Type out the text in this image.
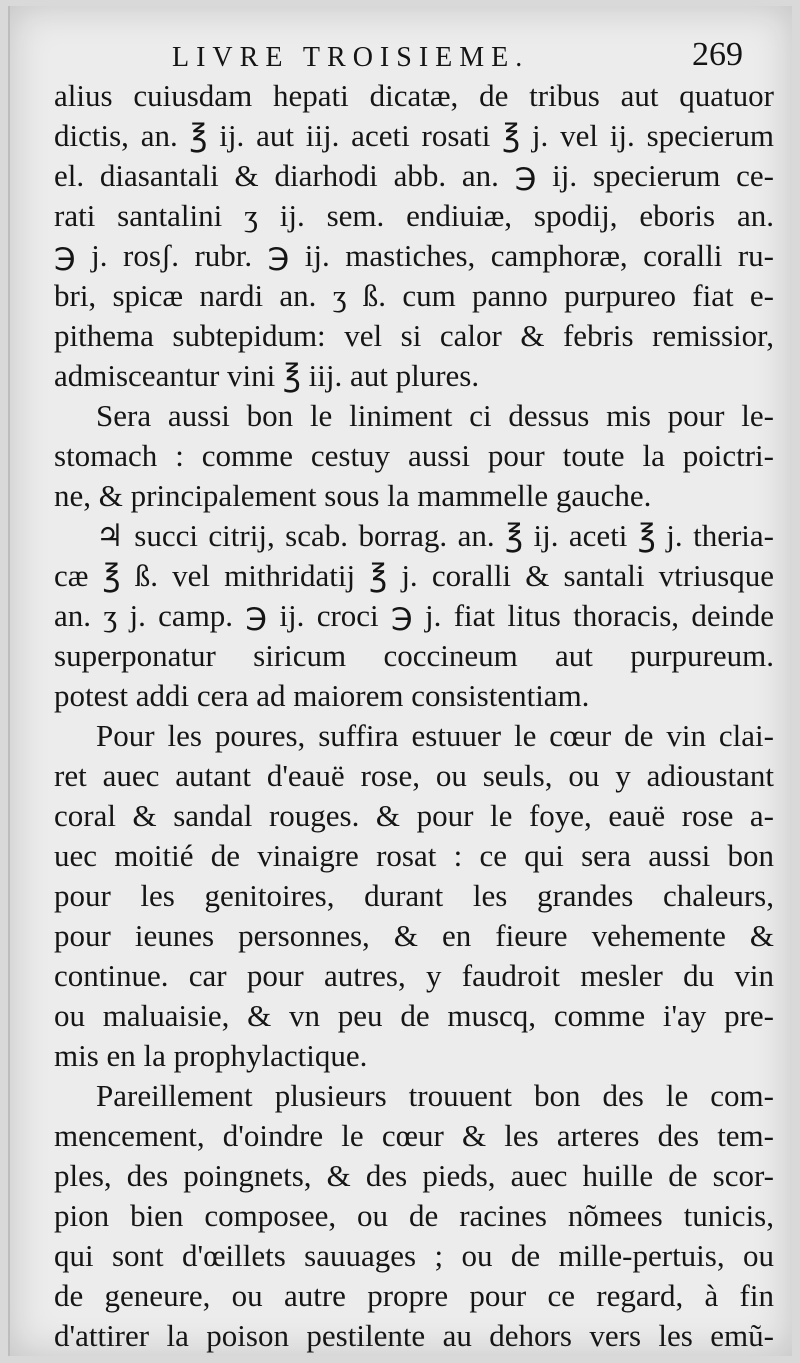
LIVRE TROISIEME.	269
alius cuiusdam hepati dicatæ, de tribus aut quatuor
dictis, an. ℥ ij. aut iij. aceti rosati ℥ j. vel ij. specierum
el. diasantali & diarhodi abb. an. ℈ ij. specierum ce-
rati santalini ʒ ij. sem. endiuiæ, spodij, eboris an.
℈ j. rosʃ. rubr. ℈ ij. mastiches, camphoræ, coralli ru-
bri, spicæ nardi an. ʒ ß. cum panno purpureo fiat e-
pithema subtepidum: vel si calor & febris remissior,
admisceantur vini ℥ iij. aut plures.
Sera aussi bon le liniment ci dessus mis pour le-
stomach : comme cestuy aussi pour toute la poictri-
ne, & principalement sous la mammelle gauche.
♃ succi citrij, scab. borrag. an. ℥ ij. aceti ℥ j. theria-
cæ ℥ ß. vel mithridatij ℥ j. coralli & santali vtriusque
an. ʒ j. camp. ℈ ij. croci ℈ j. fiat litus thoracis, deinde
superponatur siricum coccineum aut purpureum.
potest addi cera ad maiorem consistentiam.
Pour les poures, suffira estuuer le cœur de vin clai-
ret auec autant d'eauë rose, ou seuls, ou y adioustant
coral & sandal rouges. & pour le foye, eauë rose a-
uec moitié de vinaigre rosat : ce qui sera aussi bon
pour les genitoires, durant les grandes chaleurs,
pour ieunes personnes, & en fieure vehemente &
continue. car pour autres, y faudroit mesler du vin
ou maluaisie, & vn peu de muscq, comme i'ay pre-
mis en la prophylactique.
Pareillement plusieurs trouuent bon des le com-
mencement, d'oindre le cœur & les arteres des tem-
ples, des poingnets, & des pieds, auec huille de scor-
pion bien composee, ou de racines nõmees tunicis,
qui sont d'œillets sauuages ; ou de mille-pertuis, ou
de geneure, ou autre propre pour ce regard, à fin
d'attirer la poison pestilente au dehors vers les emũ-
